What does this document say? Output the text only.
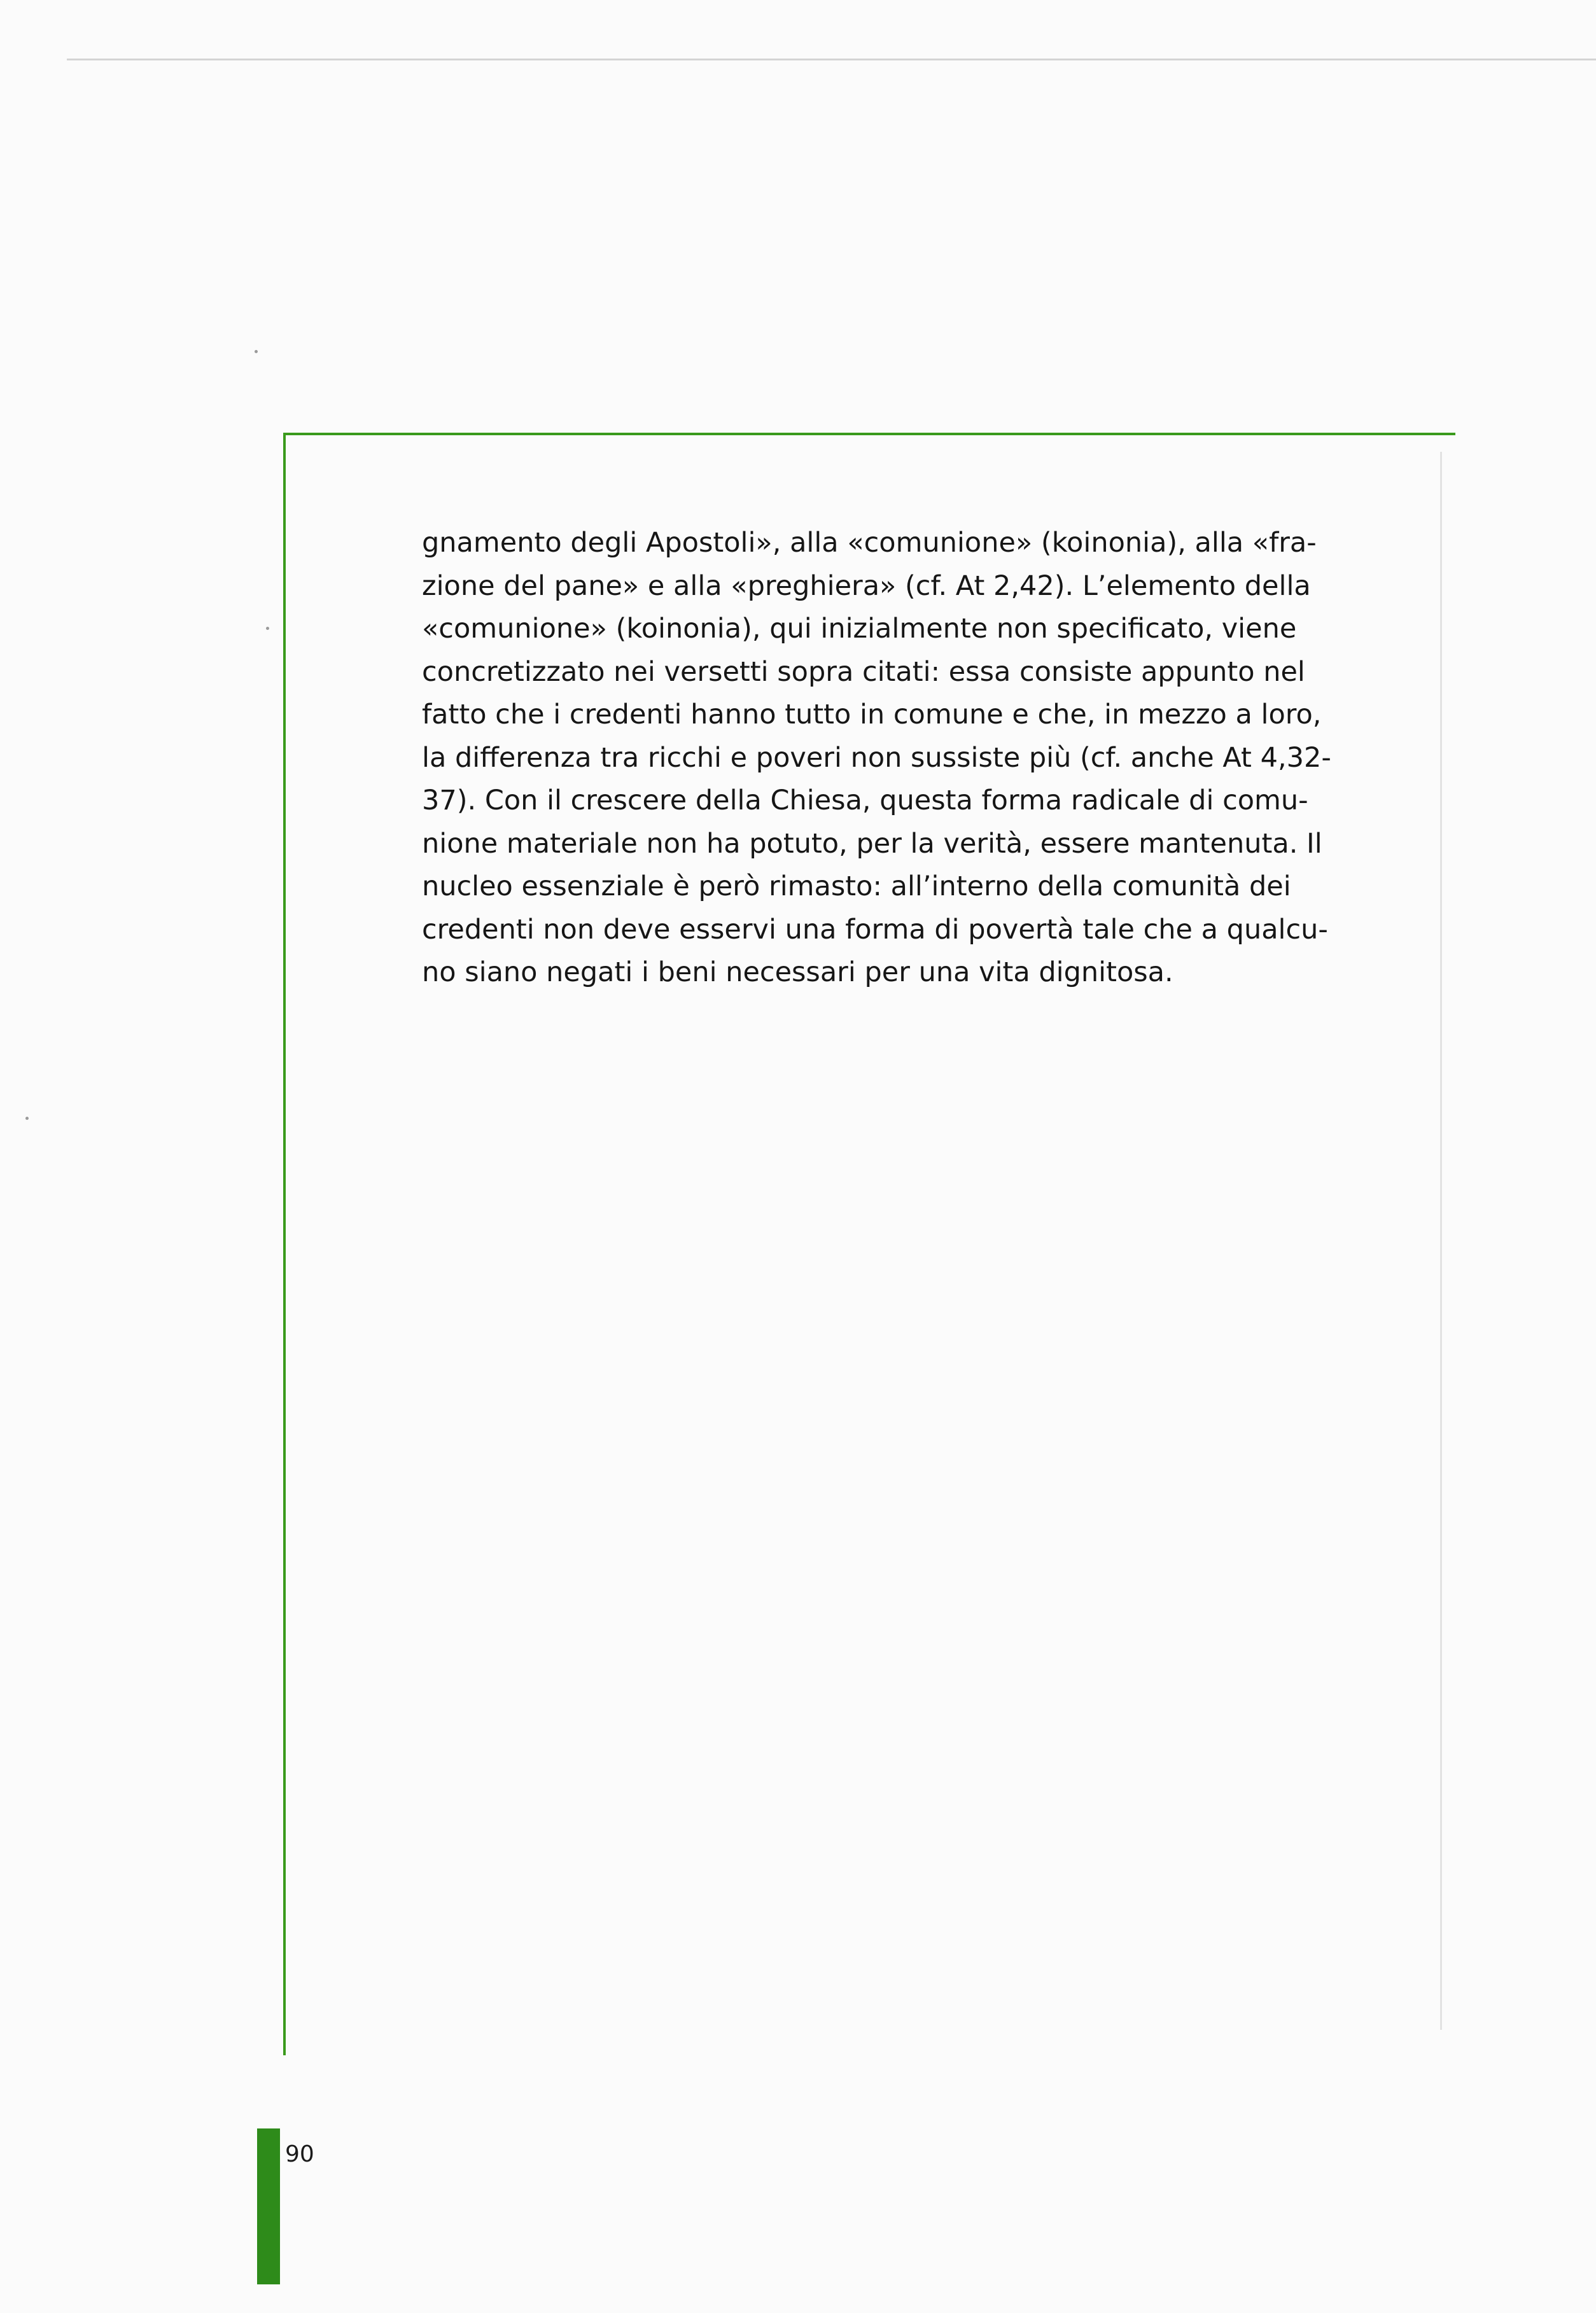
gnamento degli Apostoli», alla «comunione» (koinonia), alla «fra-
zione del pane» e alla «preghiera» (cf. At 2,42). L’elemento della
«comunione» (koinonia), qui inizialmente non specificato, viene
concretizzato nei versetti sopra citati: essa consiste appunto nel
fatto che i credenti hanno tutto in comune e che, in mezzo a loro,
la differenza tra ricchi e poveri non sussiste più (cf. anche At 4,32-
37). Con il crescere della Chiesa, questa forma radicale di comu-
nione materiale non ha potuto, per la verità, essere mantenuta. Il
nucleo essenziale è però rimasto: all’interno della comunità dei
credenti non deve esservi una forma di povertà tale che a qualcu-
no siano negati i beni necessari per una vita dignitosa.
90
